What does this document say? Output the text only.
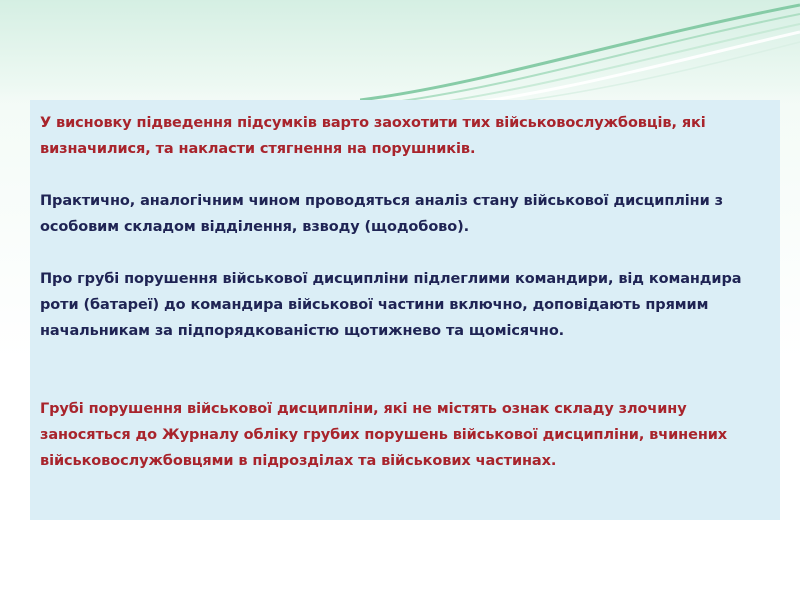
У висновку підведення підсумків варто заохотити тих військовослужбовців, які визначилися, та накласти стягнення на порушників.

Практично, аналогічним чином проводяться аналіз стану військової дисципліни з особовим складом відділення, взводу (щодобово).

Про грубі порушення військової дисципліни підлеглими командири, від командира роти (батареї) до командира військової частини включно, доповідають прямим начальникам за підпорядкованістю щотижнево та щомісячно.

Грубі порушення військової дисципліни, які не містять ознак складу злочину заносяться до Журналу обліку грубих порушень військової дисципліни, вчинених військовослужбовцями в підрозділах та військових частинах.
